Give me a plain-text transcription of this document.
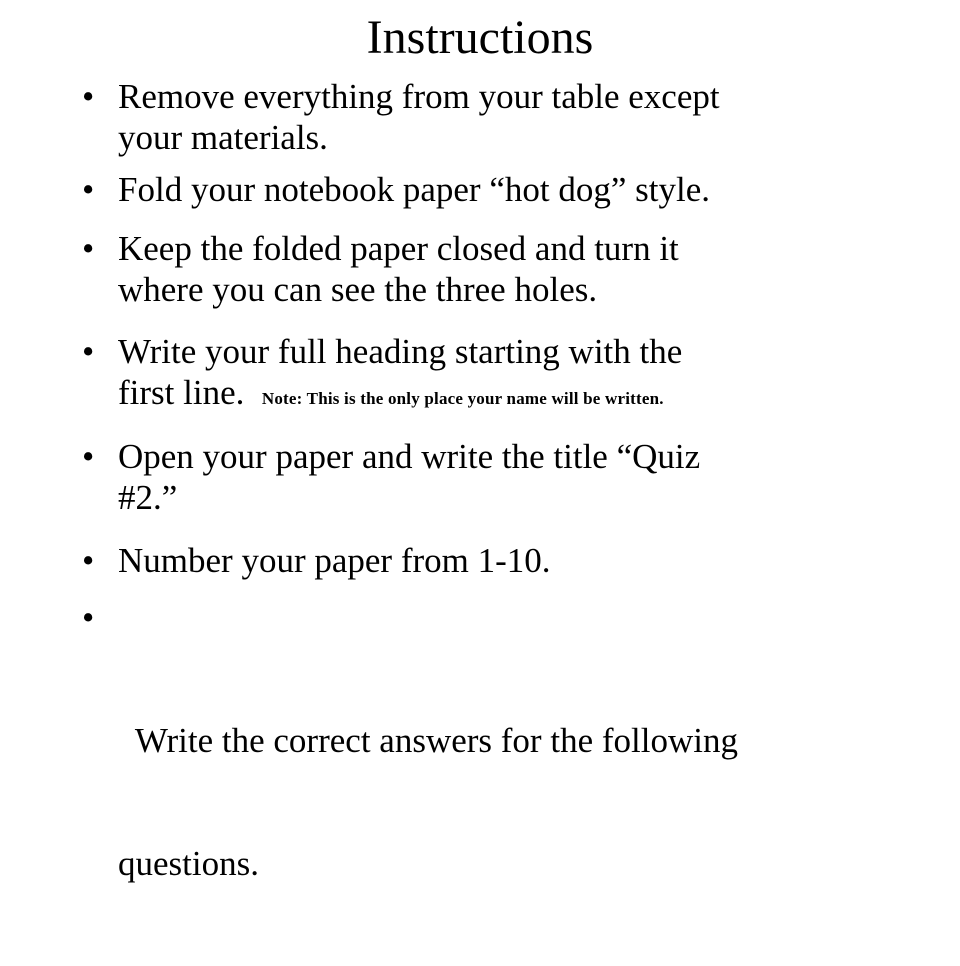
Instructions
• Remove everything from your table except
your materials.
• Fold your notebook paper “hot dog” style.
• Keep the folded paper closed and turn it
where you can see the three holes.
• Write your full heading starting with the
first line. Note: This is the only place your name will be written.
• Open your paper and write the title “Quiz
#2.”
• Number your paper from 1-10.

•

Write the correct answers for the following

questions.
